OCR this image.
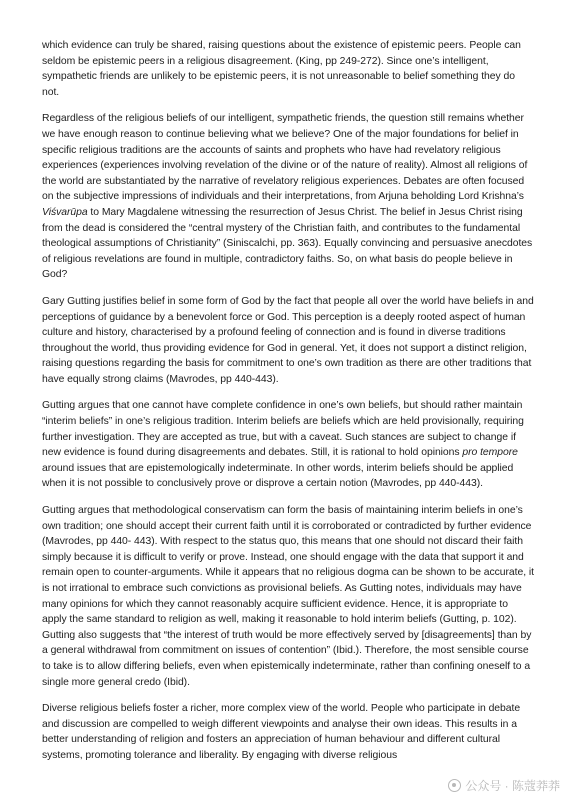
which evidence can truly be shared, raising questions about the existence of epistemic peers. People can seldom be epistemic peers in a religious disagreement. (King, pp 249-272). Since one’s intelligent, sympathetic friends are unlikely to be epistemic peers, it is not unreasonable to belief something they do not.

Regardless of the religious beliefs of our intelligent, sympathetic friends, the question still remains whether we have enough reason to continue believing what we believe? One of the major foundations for belief in specific religious traditions are the accounts of saints and prophets who have had revelatory religious experiences (experiences involving revelation of the divine or of the nature of reality). Almost all religions of the world are substantiated by the narrative of revelatory religious experiences. Debates are often focused on the subjective impressions of individuals and their interpretations, from Arjuna beholding Lord Krishna’s Viśvarūpa to Mary Magdalene witnessing the resurrection of Jesus Christ. The belief in Jesus Christ rising from the dead is considered the “central mystery of the Christian faith, and contributes to the fundamental theological assumptions of Christianity” (Siniscalchi, pp. 363). Equally convincing and persuasive anecdotes of religious revelations are found in multiple, contradictory faiths. So, on what basis do people believe in God?

Gary Gutting justifies belief in some form of God by the fact that people all over the world have beliefs in and perceptions of guidance by a benevolent force or God. This perception is a deeply rooted aspect of human culture and history, characterised by a profound feeling of connection and is found in diverse traditions throughout the world, thus providing evidence for God in general. Yet, it does not support a distinct religion, raising questions regarding the basis for commitment to one’s own tradition as there are other traditions that have equally strong claims (Mavrodes, pp 440-443).

Gutting argues that one cannot have complete confidence in one’s own beliefs, but should rather maintain “interim beliefs” in one’s religious tradition. Interim beliefs are beliefs which are held provisionally, requiring further investigation. They are accepted as true, but with a caveat. Such stances are subject to change if new evidence is found during disagreements and debates. Still, it is rational to hold opinions pro tempore around issues that are epistemologically indeterminate. In other words, interim beliefs should be applied when it is not possible to conclusively prove or disprove a certain notion (Mavrodes, pp 440-443).

Gutting argues that methodological conservatism can form the basis of maintaining interim beliefs in one’s own tradition; one should accept their current faith until it is corroborated or contradicted by further evidence (Mavrodes, pp 440- 443). With respect to the status quo, this means that one should not discard their faith simply because it is difficult to verify or prove. Instead, one should engage with the data that support it and remain open to counter-arguments. While it appears that no religious dogma can be shown to be accurate, it is not irrational to embrace such convictions as provisional beliefs. As Gutting notes, individuals may have many opinions for which they cannot reasonably acquire sufficient evidence. Hence, it is appropriate to apply the same standard to religion as well, making it reasonable to hold interim beliefs (Gutting, p. 102). Gutting also suggests that “the interest of truth would be more effectively served by [disagreements] than by a general withdrawal from commitment on issues of contention” (Ibid.). Therefore, the most sensible course to take is to allow differing beliefs, even when epistemically indeterminate, rather than confining oneself to a single more general credo (Ibid).

Diverse religious beliefs foster a richer, more complex view of the world. People who participate in debate and discussion are compelled to weigh different viewpoints and analyse their own ideas. This results in a better understanding of religion and fosters an appreciation of human behaviour and different cultural systems, promoting tolerance and liberality. By engaging with diverse religious

公众号 · 陈蔻莽莽
